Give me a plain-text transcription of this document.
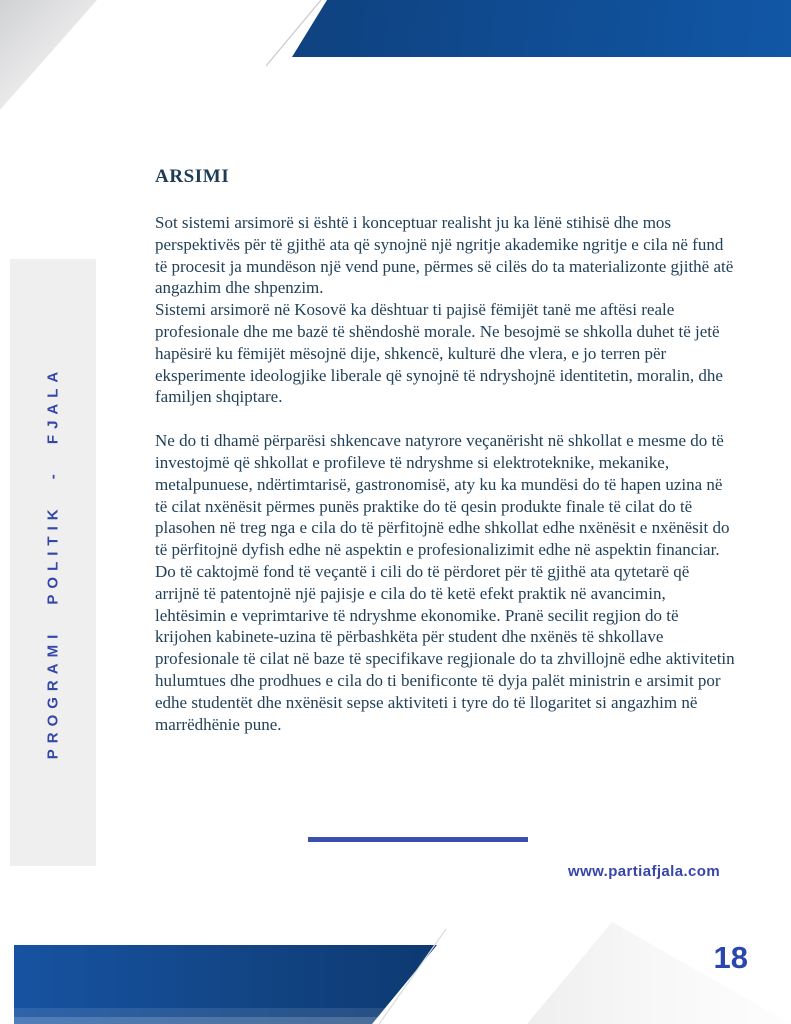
PROGRAMI POLITIK - FJALA
ARSIMI

Sot sistemi arsimorë si është i konceptuar realisht ju ka lënë stihisë dhe mos perspektivës për të gjithë ata që synojnë një ngritje akademike ngritje e cila në fund të procesit ja mundëson një vend pune, përmes së cilës do ta materializonte gjithë atë angazhim dhe shpenzim.

Sistemi arsimorë në Kosovë ka dështuar ti pajisë fëmijët tanë me aftësi reale profesionale dhe me bazë të shëndoshë morale. Ne besojmë se shkolla duhet të jetë hapësirë ku fëmijët mësojnë dije, shkencë, kulturë dhe vlera, e jo terren për eksperimente ideologjike liberale që synojnë të ndryshojnë identitetin, moralin, dhe familjen shqiptare.

Ne do ti dhamë përparësi shkencave natyrore veçanërisht në shkollat e mesme do të investojmë që shkollat e profileve të ndryshme si elektroteknike, mekanike, metalpunuese, ndërtimtarisë, gastronomisë, aty ku ka mundësi do të hapen uzina në të cilat nxënësit përmes punës praktike do të qesin produkte finale të cilat do të plasohen në treg nga e cila do të përfitojnë edhe shkollat edhe nxënësit e nxënësit do të përfitojnë dyfish edhe në aspektin e profesionalizimit edhe në aspektin financiar.

Do të caktojmë fond të veçantë i cili do të përdoret për të gjithë ata qytetarë që arrijnë të patentojnë një pajisje e cila do të ketë efekt praktik në avancimin, lehtësimin e veprimtarive të ndryshme ekonomike. Pranë secilit regjion do të krijohen kabinete-uzina të përbashkëta për student dhe nxënës të shkollave profesionale të cilat në baze të specifikave regjionale do ta zhvillojnë edhe aktivitetin hulumtues dhe prodhues e cila do ti benificonte të dyja palët ministrin e arsimit por edhe studentët dhe nxënësit sepse aktiviteti i tyre do të llogaritet si angazhim në marrëdhënie pune.

www.partiafjala.com
18
